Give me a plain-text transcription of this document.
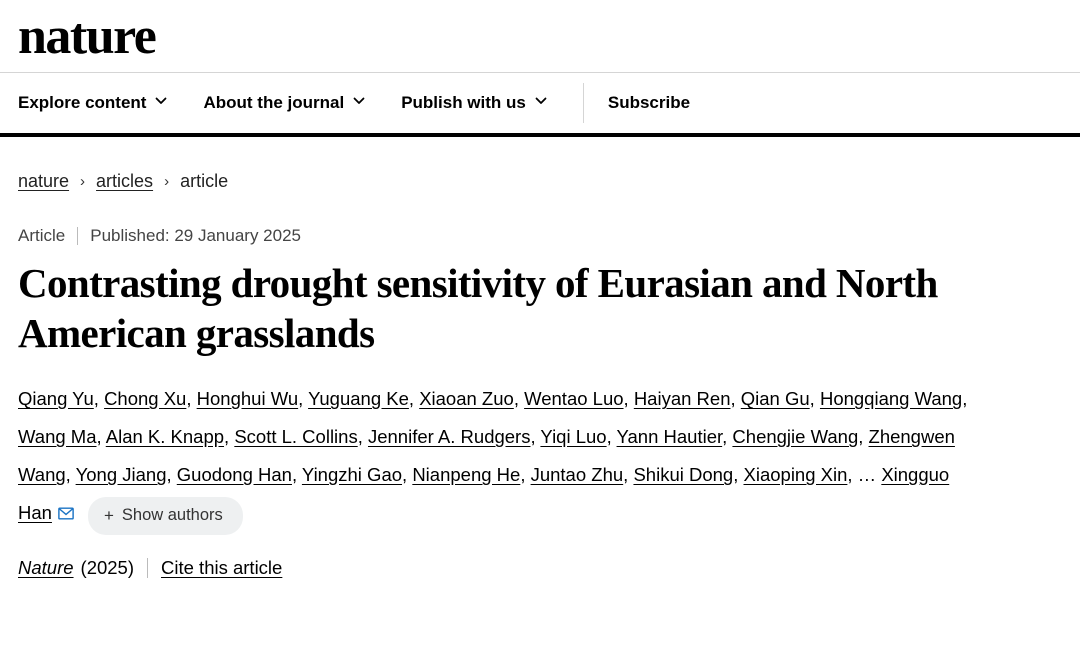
nature
Explore content	About the journal	Publish with us	Subscribe
nature › articles › article
Article Published: 29 January 2025
Contrasting drought sensitivity of Eurasian and North American grasslands
Qiang Yu, Chong Xu, Honghui Wu, Yuguang Ke, Xiaoan Zuo, Wentao Luo, Haiyan Ren, Qian Gu, Hongqiang Wang, Wang Ma, Alan K. Knapp, Scott L. Collins, Jennifer A. Rudgers, Yiqi Luo, Yann Hautier, Chengjie Wang, Zhengwen Wang, Yong Jiang, Guodong Han, Yingzhi Gao, Nianpeng He, Juntao Zhu, Shikui Dong, Xiaoping Xin, … Xingguo Han	+ Show authors
Nature (2025) Cite this article
